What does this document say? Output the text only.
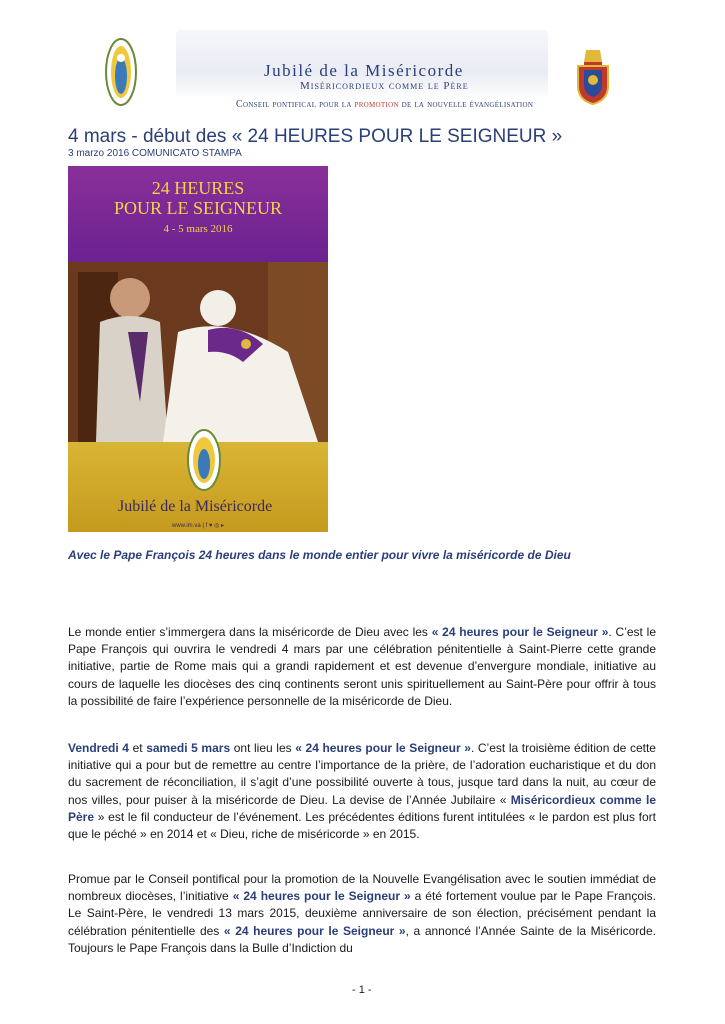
Jubilé de la Miséricorde
Miséricordieux comme le Père
Conseil pontifical pour la promotion de la nouvelle évangélisation
4 mars - début des « 24 HEURES POUR LE SEIGNEUR »
3 marzo 2016 COMUNICATO STAMPA
24 HEURES
POUR LE SEIGNEUR
4 - 5 mars 2016
Jubilé de la Miséricorde
www.im.va | f ♥ ◎ ▸
Avec le Pape François 24 heures dans le monde entier pour vivre la miséricorde de Dieu
Le monde entier s’immergera dans la miséricorde de Dieu avec les « 24 heures pour le Seigneur ». C’est le Pape François qui ouvrira le vendredi 4 mars par une célébration pénitentielle à Saint-Pierre cette grande initiative, partie de Rome mais qui a grandi rapidement et est devenue d’envergure mondiale, initiative au cours de laquelle les diocèses des cinq continents seront unis spirituellement au Saint-Père pour offrir à tous la possibilité de faire l’expérience personnelle de la miséricorde de Dieu.
Vendredi 4 et samedi 5 mars ont lieu les « 24 heures pour le Seigneur ». C’est la troisième édition de cette initiative qui a pour but de remettre au centre l’importance de la prière, de l’adoration eucharistique et du don du sacrement de réconciliation, il s’agit d’une possibilité ouverte à tous, jusque tard dans la nuit, au cœur de nos villes, pour puiser à la miséricorde de Dieu. La devise de l’Année Jubilaire « Miséricordieux comme le Père » est le fil conducteur de l’événement. Les précédentes éditions furent intitulées « le pardon est plus fort que le péché » en 2014 et « Dieu, riche de miséricorde » en 2015.
Promue par le Conseil pontifical pour la promotion de la Nouvelle Evangélisation avec le soutien immédiat de nombreux diocèses, l’initiative « 24 heures pour le Seigneur » a été fortement voulue par le Pape François. Le Saint-Père, le vendredi 13 mars 2015, deuxième anniversaire de son élection, précisément pendant la célébration pénitentielle des « 24 heures pour le Seigneur », a annoncé l’Année Sainte de la Miséricorde. Toujours le Pape François dans la Bulle d’Indiction du
- 1 -
